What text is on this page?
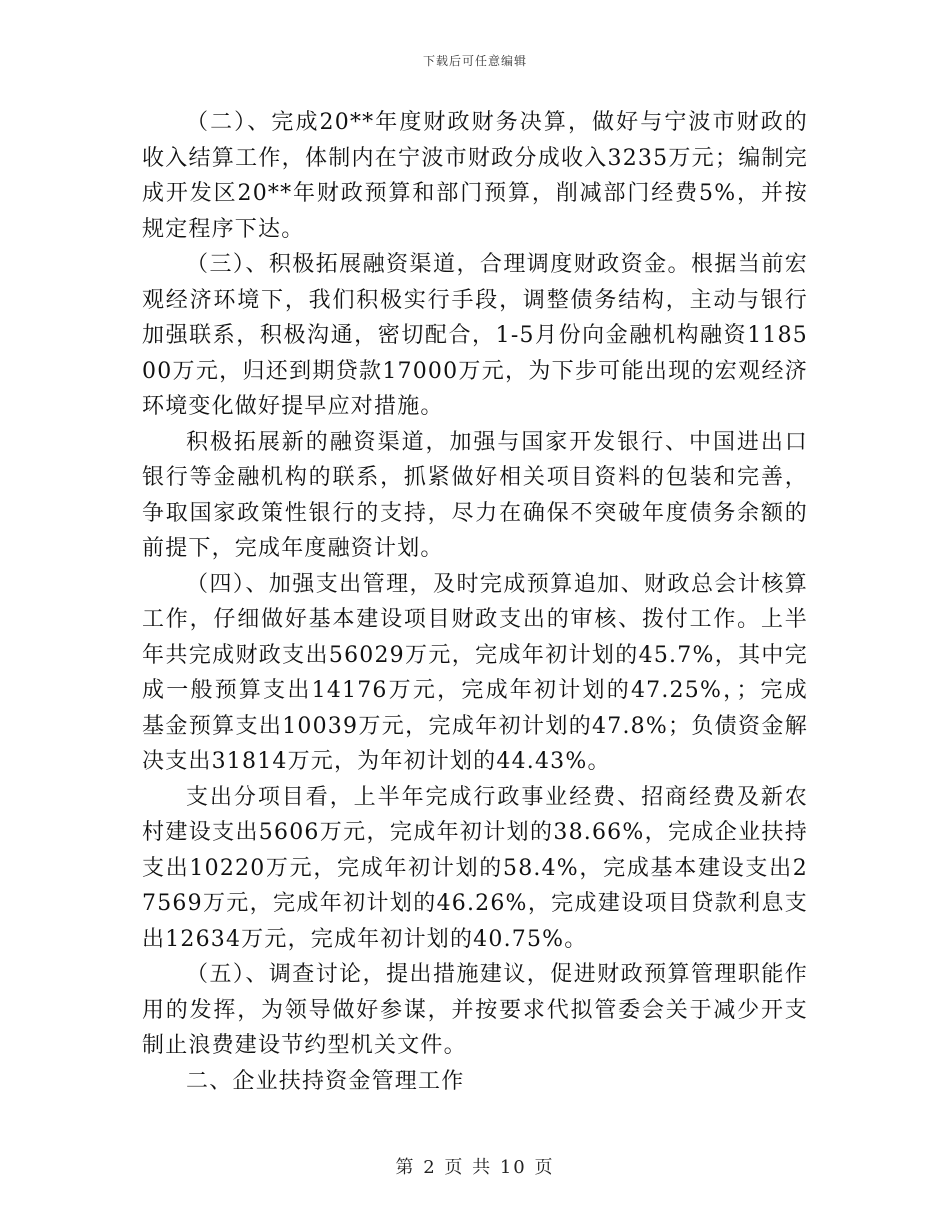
下载后可任意编辑

（二）、完成20**年度财政财务决算，做好与宁波市财政的收入结算工作，体制内在宁波市财政分成收入3235万元；编制完成开发区20**年财政预算和部门预算，削减部门经费5%，并按规定程序下达。

（三）、积极拓展融资渠道，合理调度财政资金。根据当前宏观经济环境下，我们积极实行手段，调整债务结构，主动与银行加强联系，积极沟通，密切配合，1-5月份向金融机构融资118500万元，归还到期贷款17000万元，为下步可能出现的宏观经济环境变化做好提早应对措施。

积极拓展新的融资渠道，加强与国家开发银行、中国进出口银行等金融机构的联系，抓紧做好相关项目资料的包装和完善，争取国家政策性银行的支持，尽力在确保不突破年度债务余额的前提下，完成年度融资计划。

（四）、加强支出管理，及时完成预算追加、财政总会计核算工作，仔细做好基本建设项目财政支出的审核、拨付工作。上半年共完成财政支出56029万元，完成年初计划的45.7%，其中完成一般预算支出14176万元，完成年初计划的47.25%，；完成基金预算支出10039万元，完成年初计划的47.8%；负债资金解决支出31814万元，为年初计划的44.43%。

支出分项目看，上半年完成行政事业经费、招商经费及新农村建设支出5606万元，完成年初计划的38.66%，完成企业扶持支出10220万元，完成年初计划的58.4%，完成基本建设支出27569万元，完成年初计划的46.26%，完成建设项目贷款利息支出12634万元，完成年初计划的40.75%。

（五）、调查讨论，提出措施建议，促进财政预算管理职能作用的发挥，为领导做好参谋，并按要求代拟管委会关于减少开支制止浪费建设节约型机关文件。

二、企业扶持资金管理工作

第 2 页 共 10 页
